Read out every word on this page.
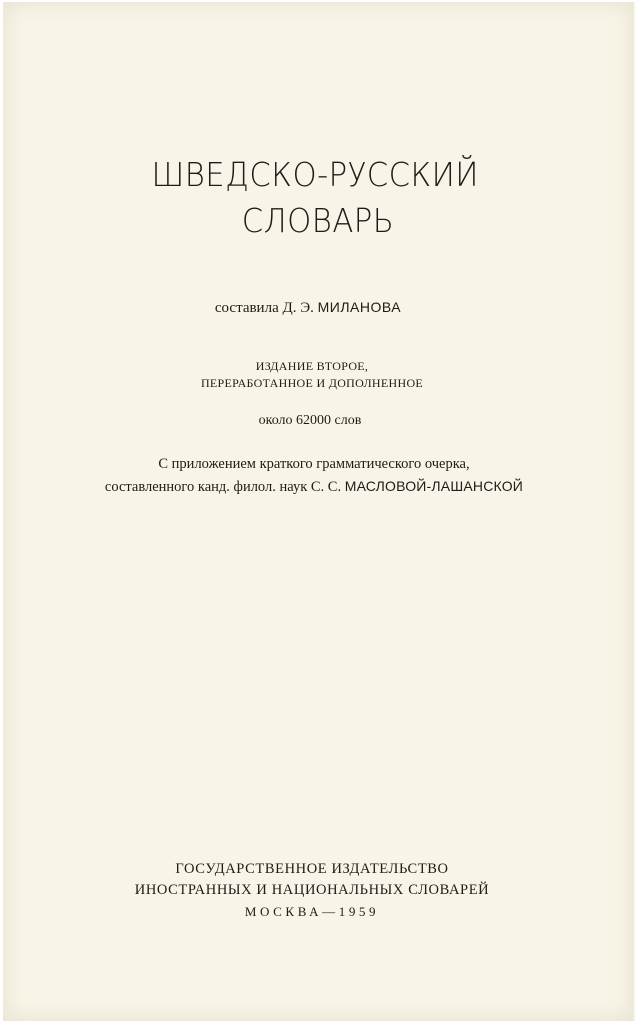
ШВЕДСКО-РУССКИЙ
СЛОВАРЬ
составила Д. Э. МИЛАНОВА
ИЗДАНИЕ ВТОРОЕ,
ПЕРЕРАБОТАННОЕ И ДОПОЛНЕННОЕ
около 62000 слов
С приложением краткого грамматического очерка,
составленного канд. филол. наук С. С. МАСЛОВОЙ-ЛАШАНСКОЙ
ГОСУДАРСТВЕННОЕ ИЗДАТЕЛЬСТВО
ИНОСТРАННЫХ И НАЦИОНАЛЬНЫХ СЛОВАРЕЙ
МОСКВА—1959
